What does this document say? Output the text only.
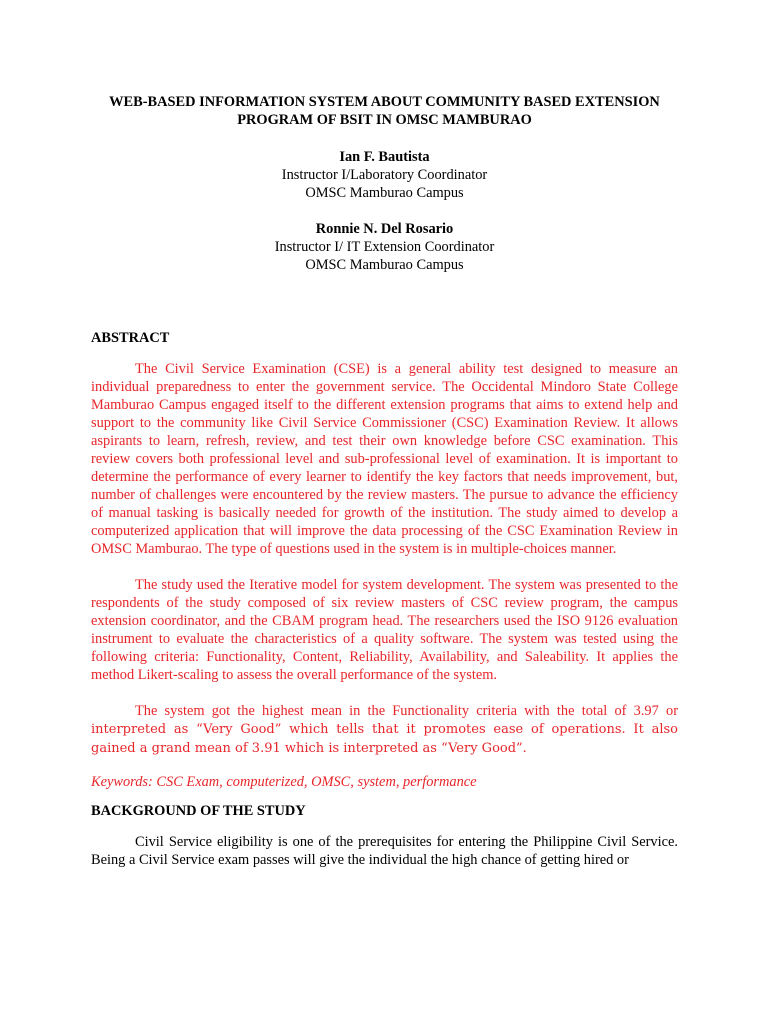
WEB-BASED INFORMATION SYSTEM ABOUT COMMUNITY BASED EXTENSION
PROGRAM OF BSIT IN OMSC MAMBURAO
Ian F. Bautista
Instructor I/Laboratory Coordinator
OMSC Mamburao Campus
Ronnie N. Del Rosario
Instructor I/ IT Extension Coordinator
OMSC Mamburao Campus
ABSTRACT

The Civil Service Examination (CSE) is a general ability test designed to measure an individual preparedness to enter the government service. The Occidental Mindoro State College Mamburao Campus engaged itself to the different extension programs that aims to extend help and support to the community like Civil Service Commissioner (CSC) Examination Review. It allows aspirants to learn, refresh, review, and test their own knowledge before CSC examination. This review covers both professional level and sub-professional level of examination. It is important to determine the performance of every learner to identify the key factors that needs improvement, but, number of challenges were encountered by the review masters. The pursue to advance the efficiency of manual tasking is basically needed for growth of the institution. The study aimed to develop a computerized application that will improve the data processing of the CSC Examination Review in OMSC Mamburao. The type of questions used in the system is in multiple-choices manner.

The study used the Iterative model for system development. The system was presented to the respondents of the study composed of six review masters of CSC review program, the campus extension coordinator, and the CBAM program head. The researchers used the ISO 9126 evaluation instrument to evaluate the characteristics of a quality software. The system was tested using the following criteria: Functionality, Content, Reliability, Availability, and Saleability. It applies the method Likert-scaling to assess the overall performance of the system.

The system got the highest mean in the Functionality criteria with the total of 3.97 or interpreted as “Very Good” which tells that it promotes ease of operations. It also gained a grand mean of 3.91 which is interpreted as “Very Good”.

Keywords: CSC Exam, computerized, OMSC, system, performance

BACKGROUND OF THE STUDY

Civil Service eligibility is one of the prerequisites for entering the Philippine Civil Service. Being a Civil Service exam passes will give the individual the high chance of getting hired or
